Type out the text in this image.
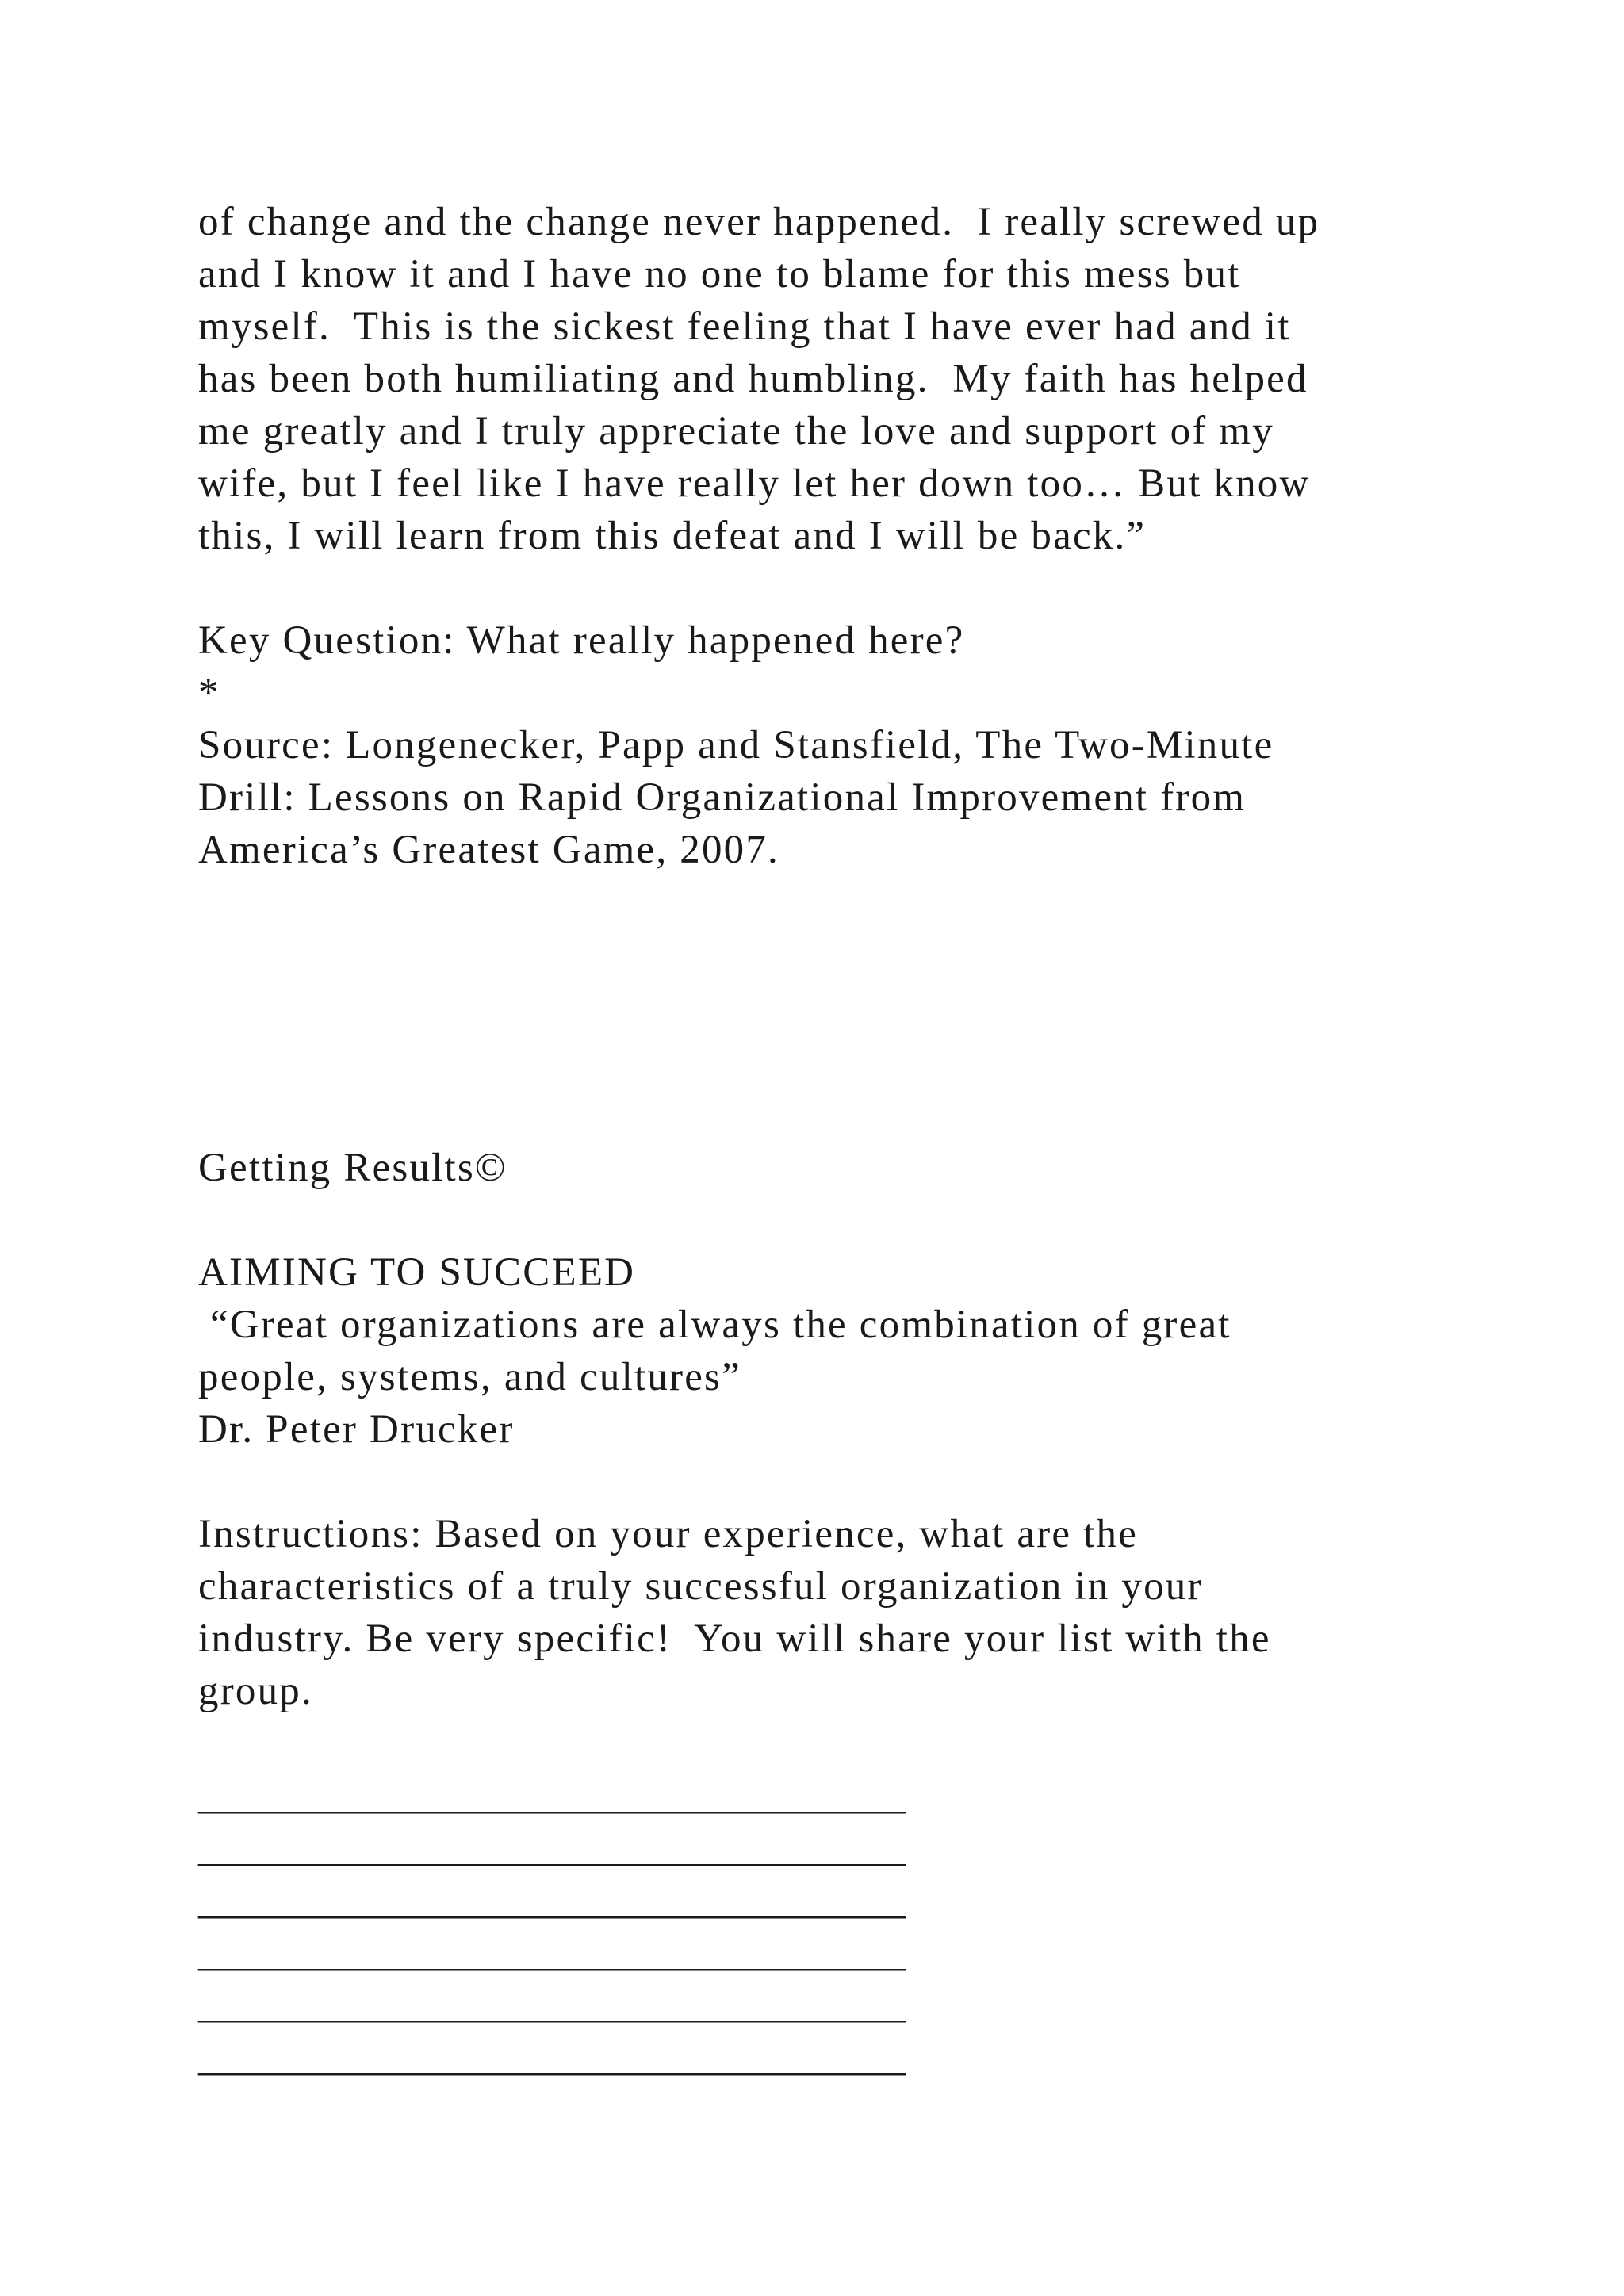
of change and the change never happened.  I really screwed up
and I know it and I have no one to blame for this mess but
myself.  This is the sickest feeling that I have ever had and it
has been both humiliating and humbling.  My faith has helped
me greatly and I truly appreciate the love and support of my
wife, but I feel like I have really let her down too… But know
this, I will learn from this defeat and I will be back.”
Key Question: What really happened here?
*
Source: Longenecker, Papp and Stansfield, The Two-Minute
Drill: Lessons on Rapid Organizational Improvement from
America’s Greatest Game, 2007.
Getting Results©
AIMING TO SUCCEED
“Great organizations are always the combination of great
people, systems, and cultures”
Dr. Peter Drucker
Instructions: Based on your experience, what are the
characteristics of a truly successful organization in your
industry. Be very specific!  You will share your list with the
group.
___________________________________
___________________________________
___________________________________
___________________________________
___________________________________
___________________________________
